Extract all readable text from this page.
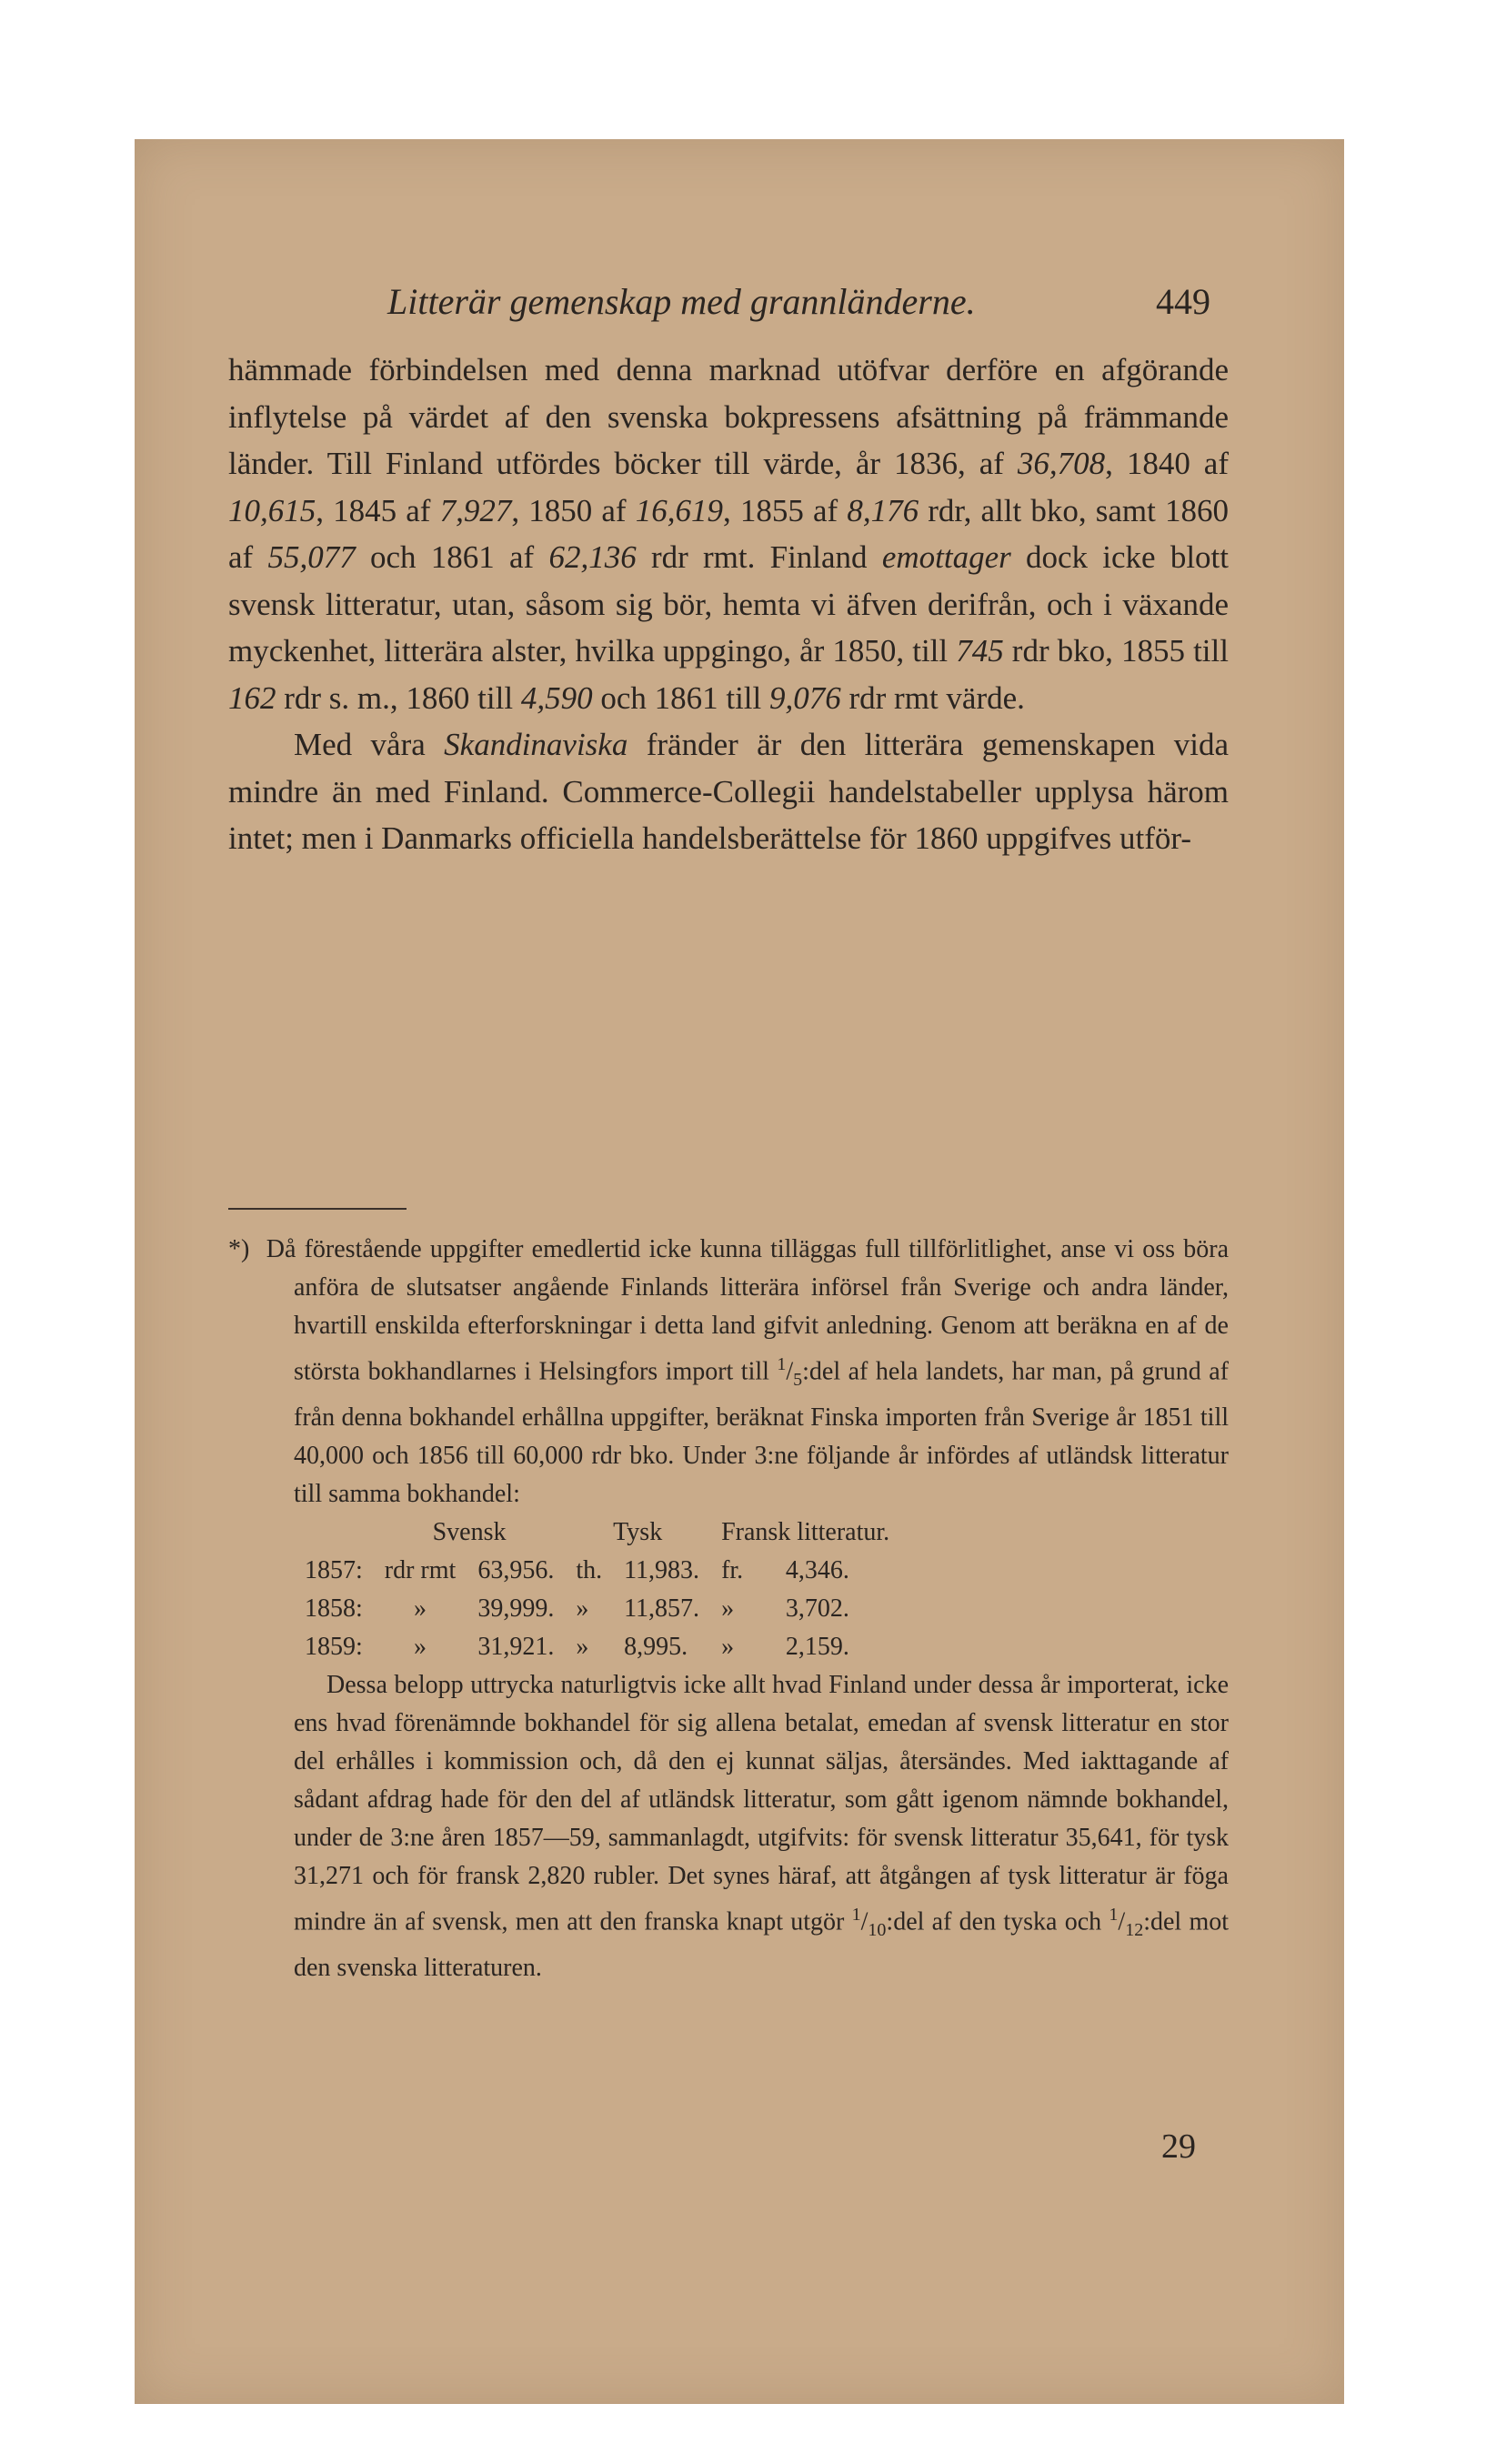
Litterär gemenskap med grannländerne.	449

hämmade förbindelsen med denna marknad utöfvar derföre en afgörande inflytelse på värdet af den svenska bokpressens afsättning på främmande länder. Till Finland utfördes böcker till värde, år 1836, af 36,708, 1840 af 10,615, 1845 af 7,927, 1850 af 16,619, 1855 af 8,176 rdr, allt bko, samt 1860 af 55,077 och 1861 af 62,136 rdr rmt. Finland emottager dock icke blott svensk litteratur, utan, såsom sig bör, hemta vi äfven derifrån, och i växande myckenhet, litterära alster, hvilka uppgingo, år 1850, till 745 rdr bko, 1855 till 162 rdr s. m., 1860 till 4,590 och 1861 till 9,076 rdr rmt värde.

Med våra Skandinaviska fränder är den litterära gemenskapen vida mindre än med Finland. Commerce-Collegii handelstabeller upplysa härom intet; men i Danmarks officiella handelsberättelse för 1860 uppgifves utför-

*) Då förestående uppgifter emedlertid icke kunna tilläggas full tillförlitlighet, anse vi oss böra anföra de slutsatser angående Finlands litterära införsel från Sverige och andra länder, hvartill enskilda efterforskningar i detta land gifvit anledning. Genom att beräkna en af de största bokhandlarnes i Helsingfors import till $^1/_5:del$ af hela landets, har man, på grund af från denna bokhandel erhållna uppgifter, beräknat Finska importen från Sverige år 1851 till 40,000 och 1856 till 60,000 rdr bko. Under 3:ne följande år infördes af utländsk litteratur till samma bokhandel:
	Svensk		Tysk		Fransk litteratur.	
1857:	rdr rmt	63,956.	th.	11,983.	fr.	4,346.
1858:	»	39,999.	»	11,857.	»	3,702.
1859:	»	31,921.	»	8,995.	»	2,159.
Dessa belopp uttrycka naturligtvis icke allt hvad Finland under dessa år importerat, icke ens hvad förenämnde bokhandel för sig allena betalat, emedan af svensk litteratur en stor del erhålles i kommission och, då den ej kunnat säljas, återsändes. Med iakttagande af sådant afdrag hade för den del af utländsk litteratur, som gått igenom nämnde bokhandel, under de 3:ne åren 1857—59, sammanlagdt, utgifvits: för svensk litteratur 35,641, för tysk 31,271 och för fransk 2,820 rubler. Det synes häraf, att åtgången af tysk litteratur är föga mindre än af svensk, men att den franska knapt utgör $^1/_{10}:del$ af den tyska och $^1/_{12}:del$ mot den svenska litteraturen.
29
